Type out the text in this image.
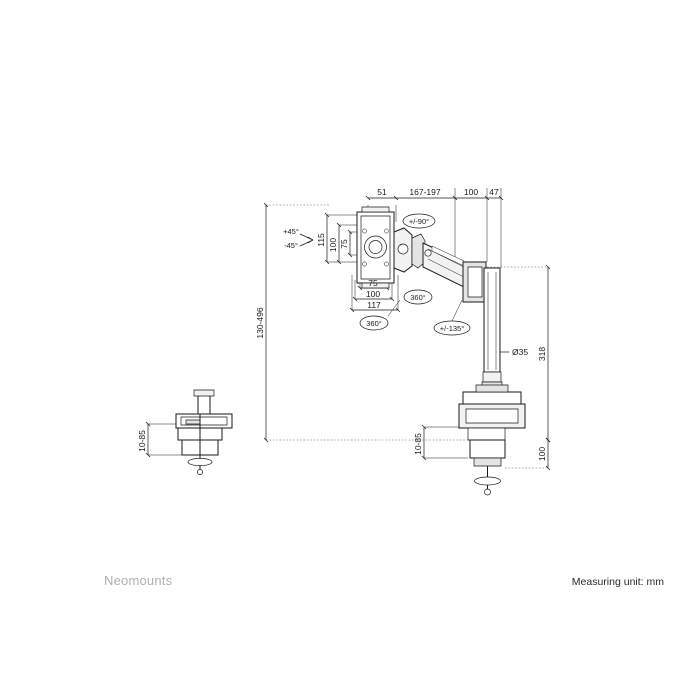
+/-90°
360°
360°
+/-135°
51	167-197	100 47
115 100 75
75
100
117
130-496
318
100
10-85
10-85
Ø35
+45°
-45°
Neomounts	Measuring unit: mm
